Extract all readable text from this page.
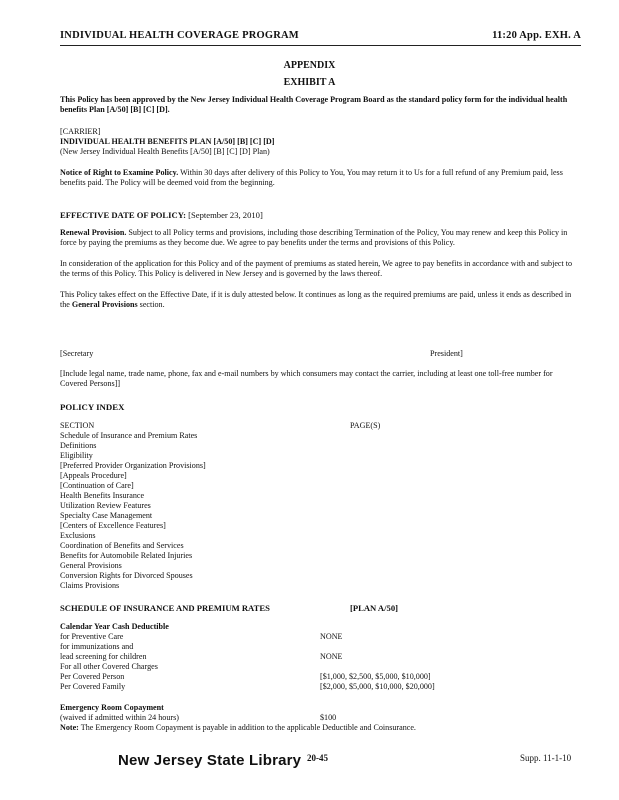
INDIVIDUAL HEALTH COVERAGE PROGRAM	11:20 App. EXH. A
APPENDIX
EXHIBIT A
This Policy has been approved by the New Jersey Individual Health Coverage Program Board as the standard policy form for the individual health benefits Plan [A/50] [B] [C] [D].
[CARRIER]
INDIVIDUAL HEALTH BENEFITS PLAN [A/50] [B] [C] [D]
(New Jersey Individual Health Benefits [A/50] [B] [C] [D] Plan)
Notice of Right to Examine Policy. Within 30 days after delivery of this Policy to You, You may return it to Us for a full refund of any Premium paid, less benefits paid. The Policy will be deemed void from the beginning.
EFFECTIVE DATE OF POLICY: [September 23, 2010]
Renewal Provision. Subject to all Policy terms and provisions, including those describing Termination of the Policy, You may renew and keep this Policy in force by paying the premiums as they become due. We agree to pay benefits under the terms and provisions of this Policy.
In consideration of the application for this Policy and of the payment of premiums as stated herein, We agree to pay benefits in accordance with and subject to the terms of this Policy. This Policy is delivered in New Jersey and is governed by the laws thereof.
This Policy takes effect on the Effective Date, if it is duly attested below. It continues as long as the required premiums are paid, unless it ends as described in the General Provisions section.
[Secretary	President]
[Include legal name, trade name, phone, fax and e-mail numbers by which consumers may contact the carrier, including at least one toll-free number for Covered Persons]]
POLICY INDEX
SECTION	PAGE(S)
Schedule of Insurance and Premium Rates
Definitions
Eligibility
[Preferred Provider Organization Provisions]
[Appeals Procedure]
[Continuation of Care]
Health Benefits Insurance
Utilization Review Features
Specialty Case Management
[Centers of Excellence Features]
Exclusions
Coordination of Benefits and Services
Benefits for Automobile Related Injuries
General Provisions
Conversion Rights for Divorced Spouses
Claims Provisions
SCHEDULE OF INSURANCE AND PREMIUM RATES	[PLAN A/50]
Calendar Year Cash Deductible
for Preventive Care	NONE
for immunizations and
lead screening for children	NONE
For all other Covered Charges
Per Covered Person	[$1,000, $2,500, $5,000, $10,000]
Per Covered Family	[$2,000, $5,000, $10,000, $20,000]
Emergency Room Copayment
(waived if admitted within 24 hours)	$100
Note: The Emergency Room Copayment is payable in addition to the applicable Deductible and Coinsurance.
New Jersey State Library 20-45	Supp. 11-1-10
